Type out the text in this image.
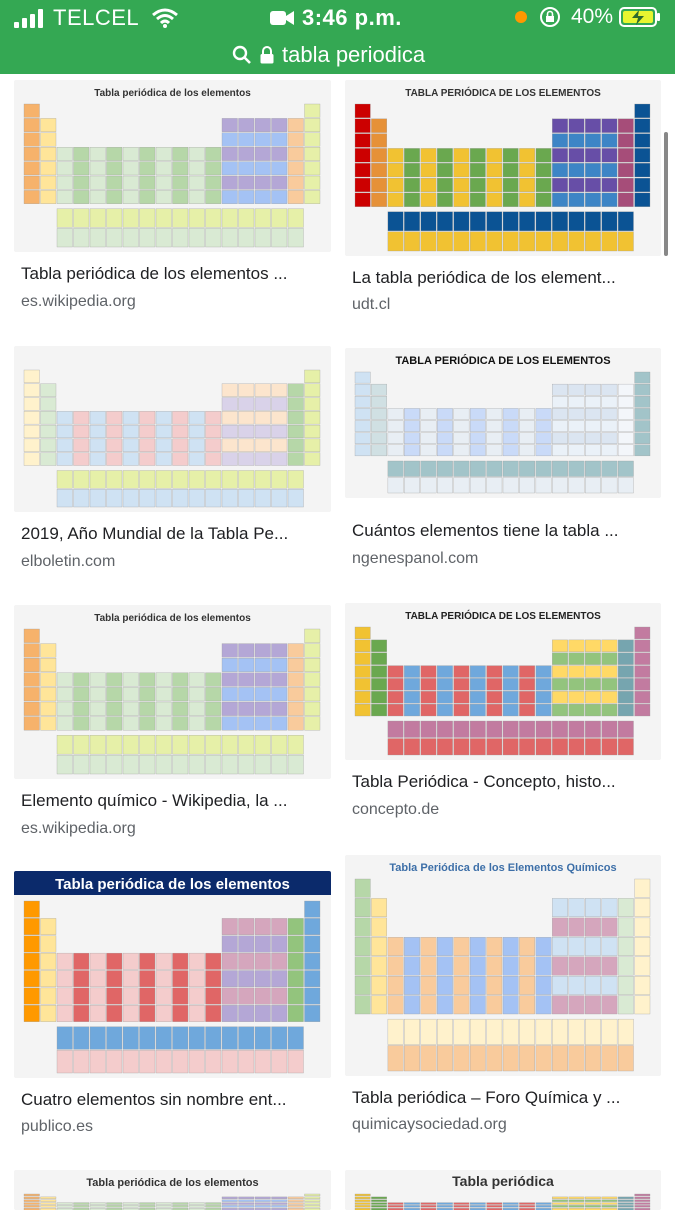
TELCEL	3:46 p.m.	40%
tabla periodica
Tabla periódica de los elementos
Tabla periódica de los elementos ...
es.wikipedia.org
TABLA PERIÓDICA DE LOS ELEMENTOS
La tabla periódica de los element...
udt.cl
2019, Año Mundial de la Tabla Pe...
elboletin.com
TABLA PERIÓDICA DE LOS ELEMENTOS
Cuántos elementos tiene la tabla ...
ngenespanol.com
Tabla periódica de los elementos
Elemento químico - Wikipedia, la ...
es.wikipedia.org
TABLA PERIÓDICA DE LOS ELEMENTOS
Tabla Periódica - Concepto, histo...
concepto.de
Tabla periódica de los elementos
Cuatro elementos sin nombre ent...
publico.es
Tabla Periódica de los Elementos Químicos
Tabla periódica – Foro Química y ...
quimicaysociedad.org
Tabla periódica de los elementos	Tabla periódica
